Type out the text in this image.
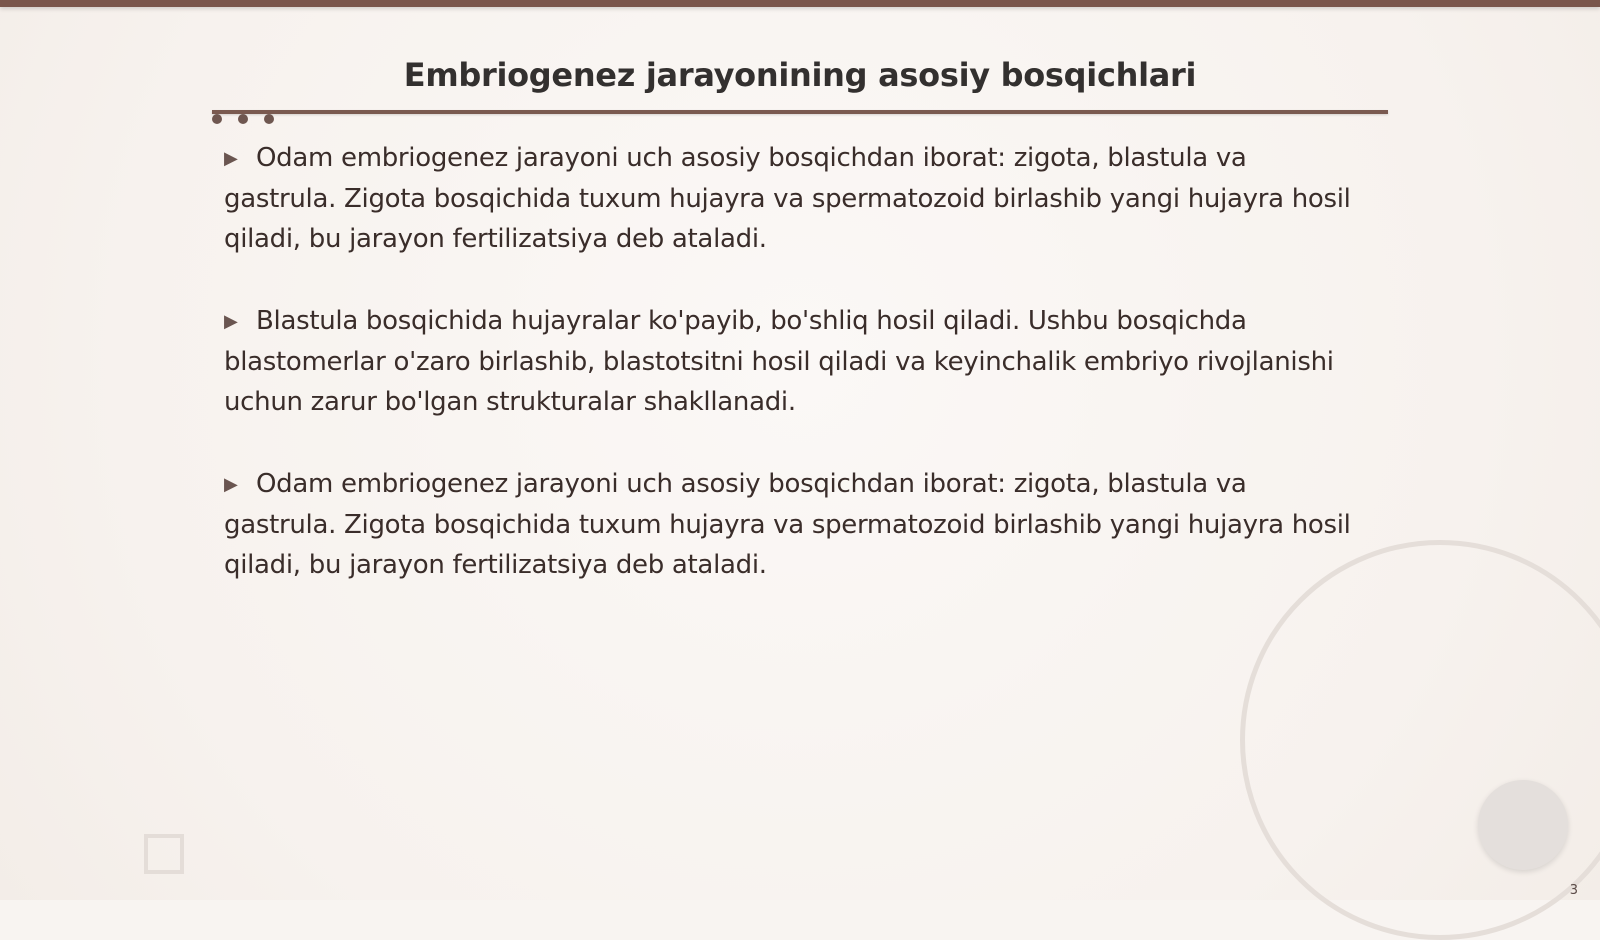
Embriogenez jarayonining asosiy bosqichlari

▶ Odam embriogenez jarayoni uch asosiy bosqichdan iborat: zigota, blastula va gastrula. Zigota bosqichida tuxum hujayra va spermatozoid birlashib yangi hujayra hosil qiladi, bu jarayon fertilizatsiya deb ataladi.

▶ Blastula bosqichida hujayralar ko'payib, bo'shliq hosil qiladi. Ushbu bosqichda blastomerlar o'zaro birlashib, blastotsitni hosil qiladi va keyinchalik embriyo rivojlanishi uchun zarur bo'lgan strukturalar shakllanadi.

▶ Odam embriogenez jarayoni uch asosiy bosqichdan iborat: zigota, blastula va gastrula. Zigota bosqichida tuxum hujayra va spermatozoid birlashib yangi hujayra hosil qiladi, bu jarayon fertilizatsiya deb ataladi.

3
